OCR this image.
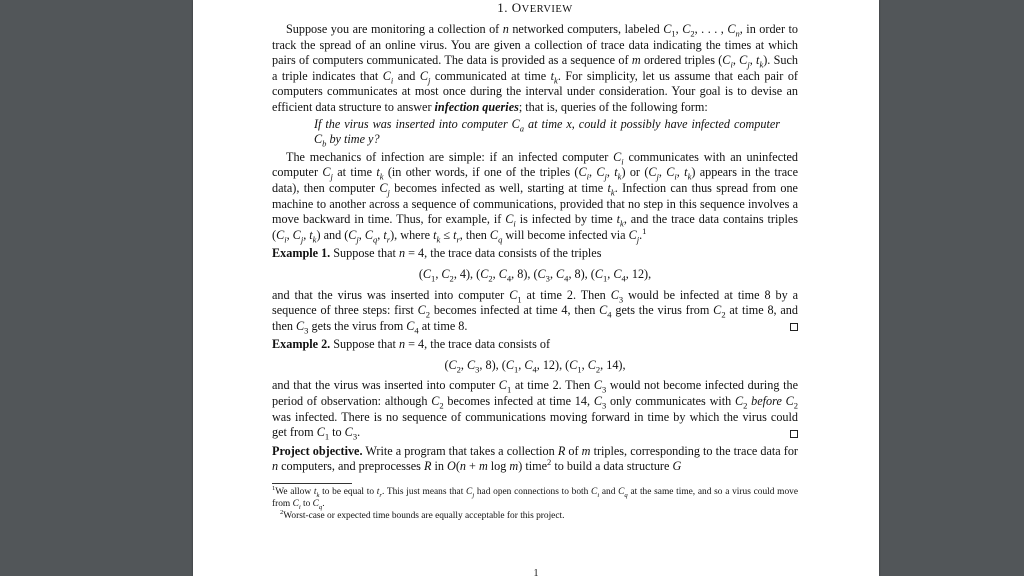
1. OVERVIEW

Suppose you are monitoring a collection of n networked computers, labeled $C_1$, $C_2$, . . . , $C_n$, in order to track the spread of an online virus. You are given a collection of trace data indicating the times at which pairs of computers communicated. The data is provided as a sequence of m ordered triples ($C_i$, $C_j$, $t_k$). Such a triple indicates that $C_i$ and $C_j$ communicated at time $t_k$. For simplicity, let us assume that each pair of computers communicates at most once during the interval under consideration. Your goal is to devise an efficient data structure to answer infection queries; that is, queries of the following form:

If the virus was inserted into computer $C_a$ at time x, could it possibly have infected computer $C_b$ by time y?

The mechanics of infection are simple: if an infected computer $C_i$ communicates with an uninfected computer $C_j$ at time $t_k$ (in other words, if one of the triples ($C_i$, $C_j$, $t_k$) or ($C_j$, $C_i$, $t_k$) appears in the trace data), then computer $C_j$ becomes infected as well, starting at time $t_k$. Infection can thus spread from one machine to another across a sequence of communications, provided that no step in this sequence involves a move backward in time. Thus, for example, if $C_i$ is infected by time $t_k$, and the trace data contains triples ($C_i$, $C_j$, $t_k$) and ($C_j$, $C_q$, $t_r$), where $t_k \le t_r$, then $C_q$ will become infected via $C_j.^1$

Example 1. Suppose that n = 4, the trace data consists of the triples

($C_1$, $C_2$, 4), ($C_2$, $C_4$, 8), ($C_3$, $C_4$, 8), ($C_1$, $C_4$, 12),

and that the virus was inserted into computer $C_1$ at time 2. Then $C_3$ would be infected at time 8 by a sequence of three steps: first $C_2$ becomes infected at time 4, then $C_4$ gets the virus from $C_2$ at time 8, and then $C_3$ gets the virus from $C_4$ at time 8.

Example 2. Suppose that n = 4, the trace data consists of

($C_2$, $C_3$, 8), ($C_1$, $C_4$, 12), ($C_1$, $C_2$, 14),

and that the virus was inserted into computer $C_1$ at time 2. Then $C_3$ would not become infected during the period of observation: although $C_2$ becomes infected at time 14, $C_3$ only communicates with $C_2$ before $C_2$ was infected. There is no sequence of communications moving forward in time by which the virus could get from $C_1$ to $C_3$.

Project objective. Write a program that takes a collection R of m triples, corresponding to the trace data for n computers, and preprocesses R in O(n + m log m) time$^2$ to build a data structure G

$^1$We allow $t_k$ to be equal to $t_r$. This just means that $C_j$ had open connections to both $C_i$ and $C_q$ at the same time, and so a virus could move from $C_i$ to $C_q$.

$^2$Worst-case or expected time bounds are equally acceptable for this project.

1
